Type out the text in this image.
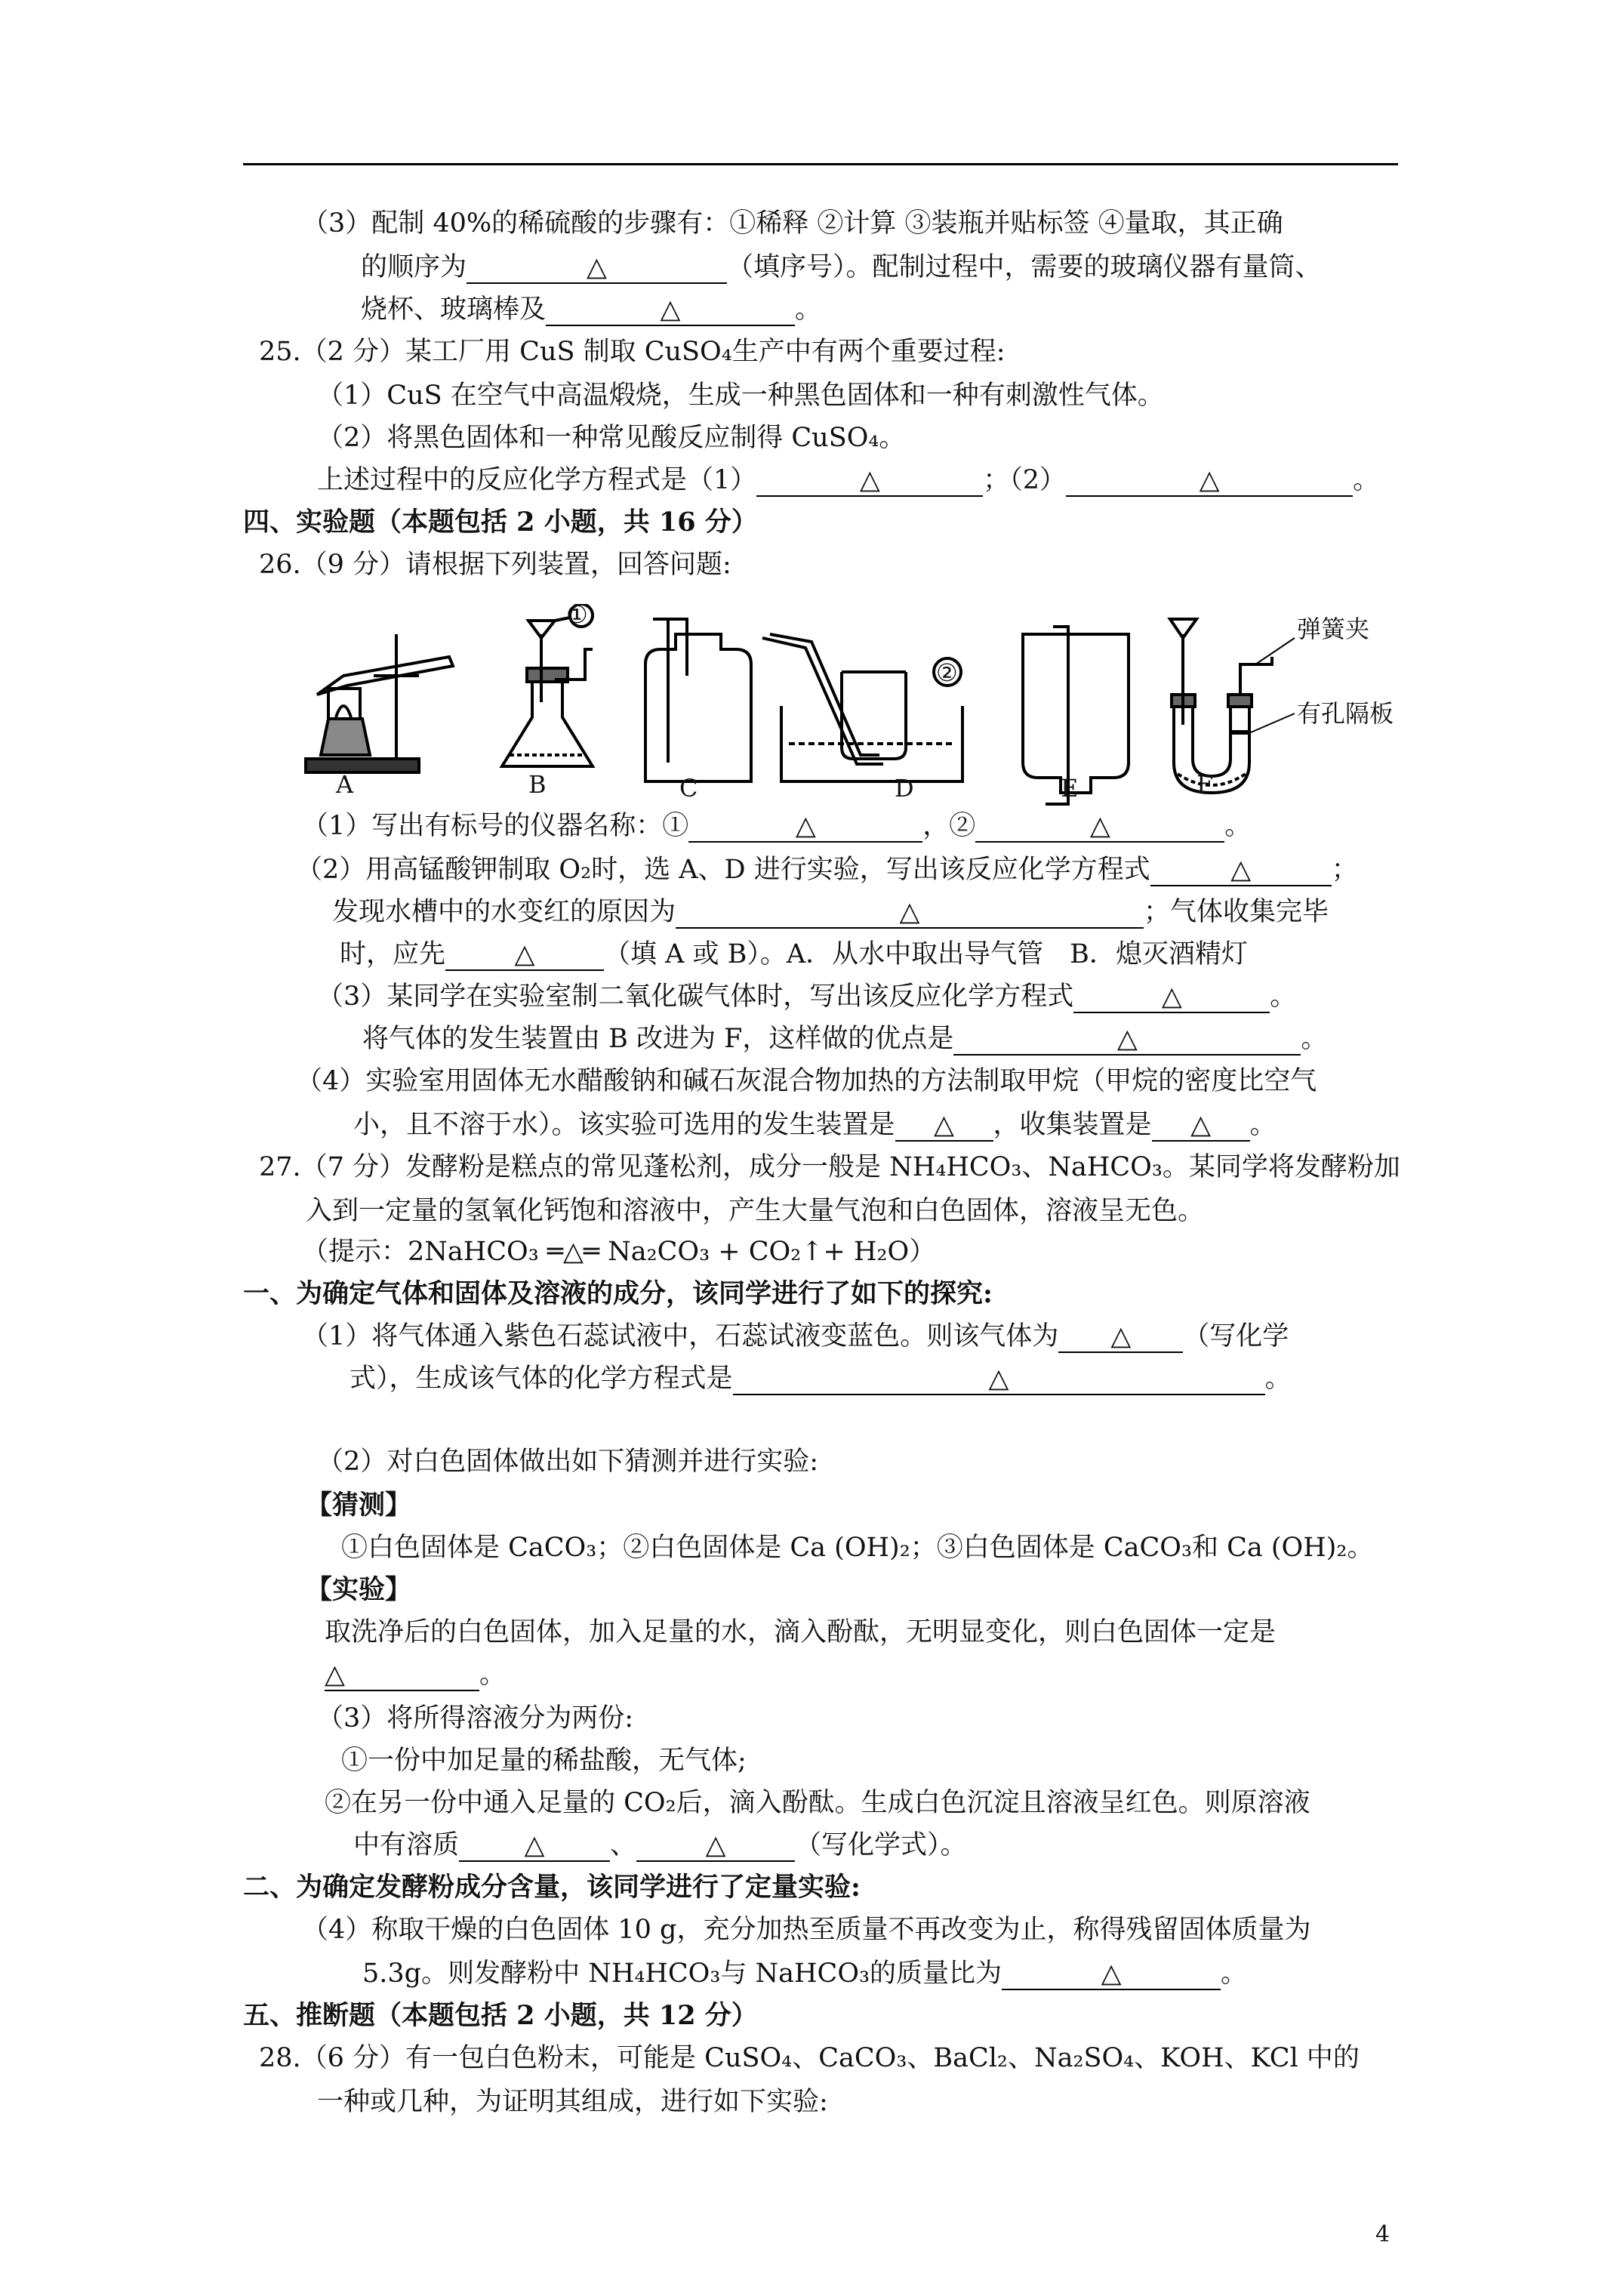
（3）配制 40%的稀硫酸的步骤有：①稀释 ②计算 ③装瓶并贴标签 ④量取，其正确
的顺序为	△	（填序号）。配制过程中，需要的玻璃仪器有量筒、
烧杯、玻璃棒及	△	。
25.（2 分）某工厂用 CuS 制取 CuSO₄生产中有两个重要过程:
（1）CuS 在空气中高温煅烧，生成一种黑色固体和一种有刺激性气体。
（2）将黑色固体和一种常见酸反应制得 CuSO₄。
上述过程中的反应化学方程式是（1）	△	；（2）	△	。
四、实验题（本题包括 2 小题，共 16 分）
26.（9 分）请根据下列装置，回答问题:
A	B	C	D	E	F
①
②
弹簧夹
有孔隔板
（1）写出有标号的仪器名称：①	△	，②	△	。
（2）用高锰酸钾制取 O₂时，选 A、D 进行实验，写出该反应化学方程式	△	；
发现水槽中的水变红的原因为	△	；气体收集完毕
时，应先	△	（填 A 或 B）。A．从水中取出导气管　B．熄灭酒精灯
（3）某同学在实验室制二氧化碳气体时，写出该反应化学方程式	△	。
将气体的发生装置由 B 改进为 F，这样做的优点是	△	。
（4）实验室用固体无水醋酸钠和碱石灰混合物加热的方法制取甲烷（甲烷的密度比空气
小，且不溶于水）。该实验可选用的发生装置是 △ ，收集装置是 △ 。
27.（7 分）发酵粉是糕点的常见蓬松剂，成分一般是 NH₄HCO₃、NaHCO₃。某同学将发酵粉加
入到一定量的氢氧化钙饱和溶液中，产生大量气泡和白色固体，溶液呈无色。
（提示：2NaHCO₃ ═△═ Na₂CO₃ + CO₂↑+ H₂O）
一、为确定气体和固体及溶液的成分，该同学进行了如下的探究:
（1）将气体通入紫色石蕊试液中，石蕊试液变蓝色。则该气体为 △ （写化学
式），生成该气体的化学方程式是	△	。
（2）对白色固体做出如下猜测并进行实验:
【猜测】
①白色固体是 CaCO₃；②白色固体是 Ca (OH)₂；③白色固体是 CaCO₃和 Ca (OH)₂。
【实验】
取洗净后的白色固体，加入足量的水，滴入酚酞，无明显变化，则白色固体一定是
△	。
（3）将所得溶液分为两份:
①一份中加足量的稀盐酸，无气体;
②在另一份中通入足量的 CO₂后，滴入酚酞。生成白色沉淀且溶液呈红色。则原溶液
中有溶质 △ 、	△	（写化学式）。
二、为确定发酵粉成分含量，该同学进行了定量实验:
（4）称取干燥的白色固体 10 g，充分加热至质量不再改变为止，称得残留固体质量为
5.3g。则发酵粉中 NH₄HCO₃与 NaHCO₃的质量比为	△	。
五、推断题（本题包括 2 小题，共 12 分）
28.（6 分）有一包白色粉末，可能是 CuSO₄、CaCO₃、BaCl₂、Na₂SO₄、KOH、KCl 中的
一种或几种，为证明其组成，进行如下实验:
4
